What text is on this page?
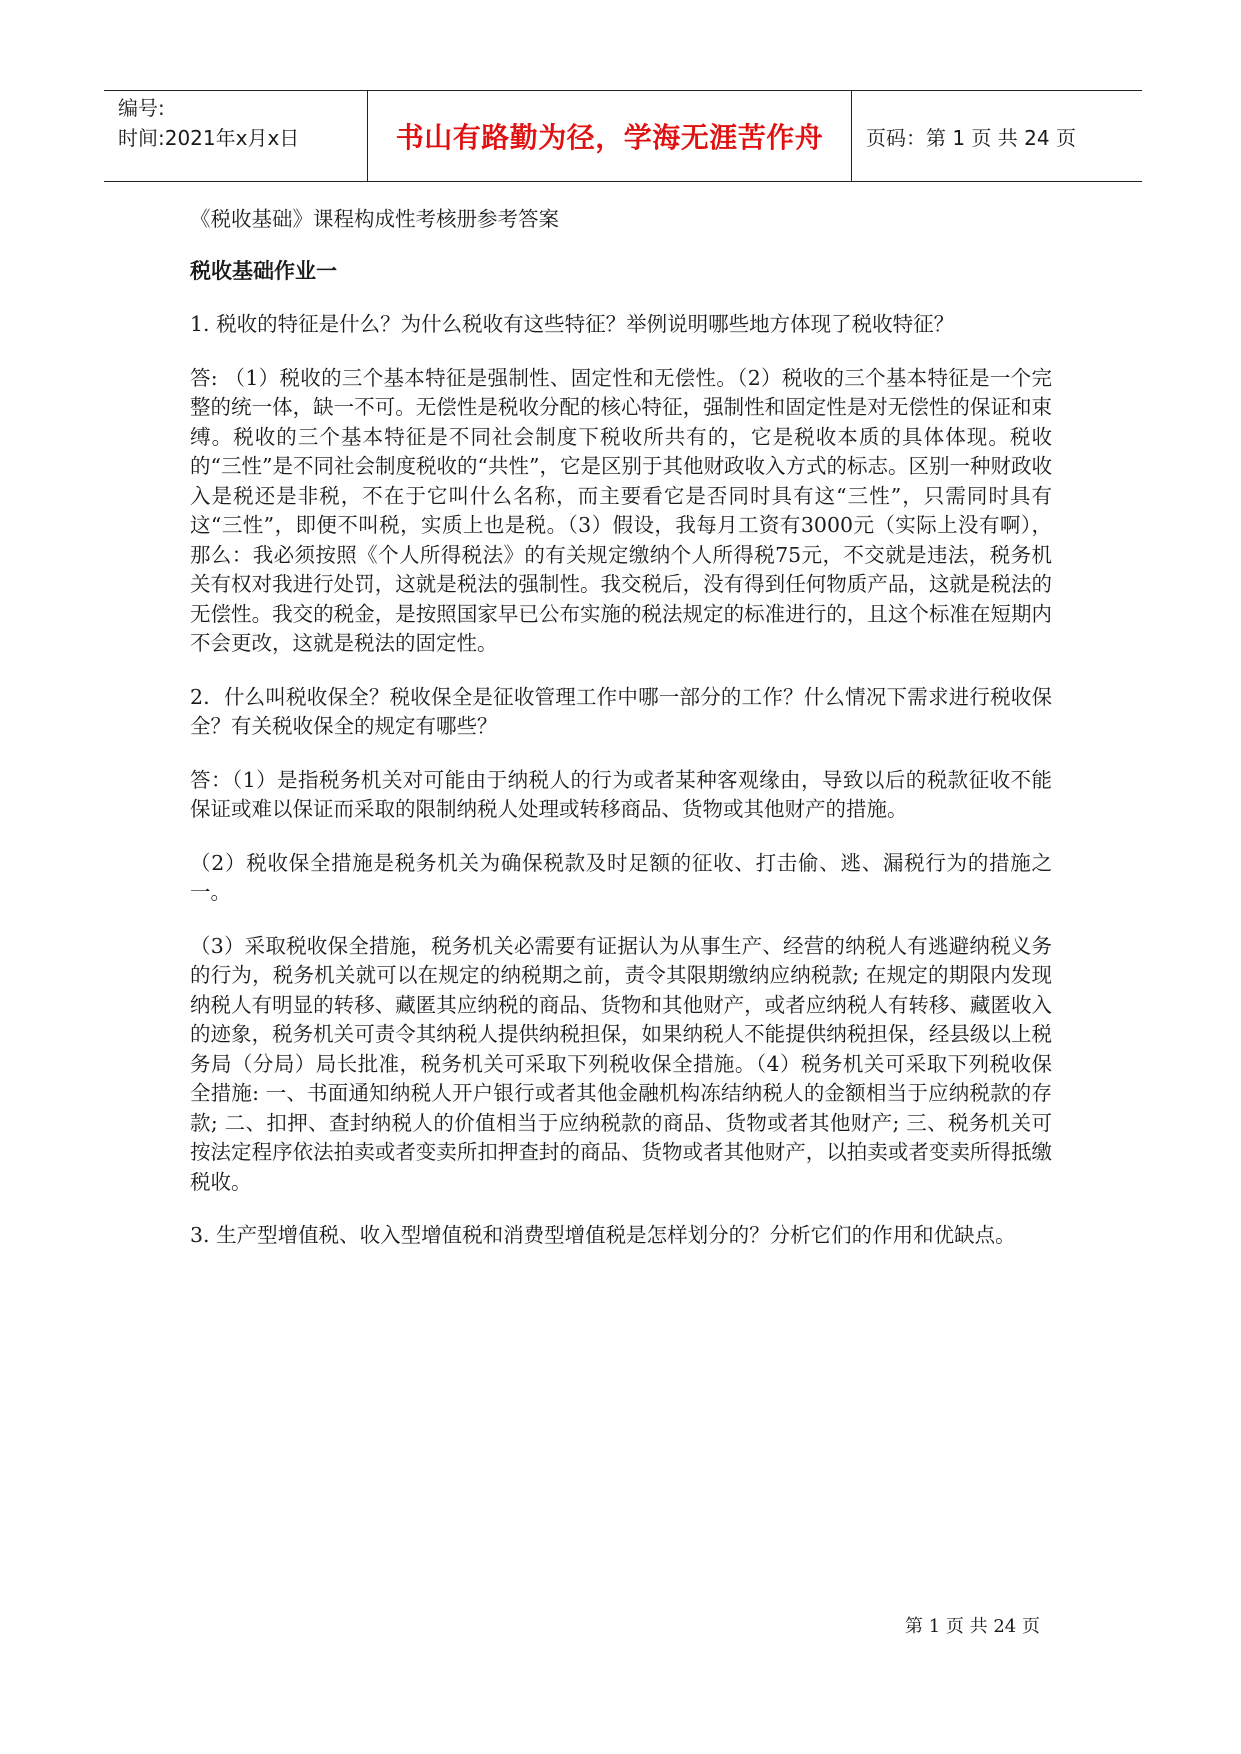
编号:
时间:2021年x月x日	书山有路勤为径，学海无涯苦作舟	页码：第 1 页 共 24 页

《税收基础》课程构成性考核册参考答案

税收基础作业一

1. 税收的特征是什么？为什么税收有这些特征？举例说明哪些地方体现了税收特征？

答: （1）税收的三个基本特征是强制性、固定性和无偿性。（2）税收的三个基本特征是一个完整的统一体，缺一不可。无偿性是税收分配的核心特征，强制性和固定性是对无偿性的保证和束缚。税收的三个基本特征是不同社会制度下税收所共有的，它是税收本质的具体体现。税收的“三性”是不同社会制度税收的“共性”，它是区别于其他财政收入方式的标志。区别一种财政收入是税还是非税，不在于它叫什么名称，而主要看它是否同时具有这“三性”，只需同时具有这“三性”，即便不叫税，实质上也是税。（3）假设，我每月工资有3000元（实际上没有啊），那么：我必须按照《个人所得税法》的有关规定缴纳个人所得税75元，不交就是违法，税务机关有权对我进行处罚，这就是税法的强制性。我交税后，没有得到任何物质产品，这就是税法的无偿性。我交的税金，是按照国家早已公布实施的税法规定的标准进行的，且这个标准在短期内不会更改，这就是税法的固定性。

2．什么叫税收保全？税收保全是征收管理工作中哪一部分的工作？什么情况下需求进行税收保全？有关税收保全的规定有哪些？

答：（1）是指税务机关对可能由于纳税人的行为或者某种客观缘由，导致以后的税款征收不能保证或难以保证而采取的限制纳税人处理或转移商品、货物或其他财产的措施。

（2）税收保全措施是税务机关为确保税款及时足额的征收、打击偷、逃、漏税行为的措施之一。

（3）采取税收保全措施，税务机关必需要有证据认为从事生产、经营的纳税人有逃避纳税义务的行为，税务机关就可以在规定的纳税期之前，责令其限期缴纳应纳税款; 在规定的期限内发现纳税人有明显的转移、藏匿其应纳税的商品、货物和其他财产，或者应纳税人有转移、藏匿收入的迹象，税务机关可责令其纳税人提供纳税担保，如果纳税人不能提供纳税担保，经县级以上税务局（分局）局长批准，税务机关可采取下列税收保全措施。（4）税务机关可采取下列税收保全措施: 一、书面通知纳税人开户银行或者其他金融机构冻结纳税人的金额相当于应纳税款的存款; 二、扣押、查封纳税人的价值相当于应纳税款的商品、货物或者其他财产; 三、税务机关可按法定程序依法拍卖或者变卖所扣押查封的商品、货物或者其他财产，以拍卖或者变卖所得抵缴税收。

3. 生产型增值税、收入型增值税和消费型增值税是怎样划分的？分析它们的作用和优缺点。

第 1 页 共 24 页
